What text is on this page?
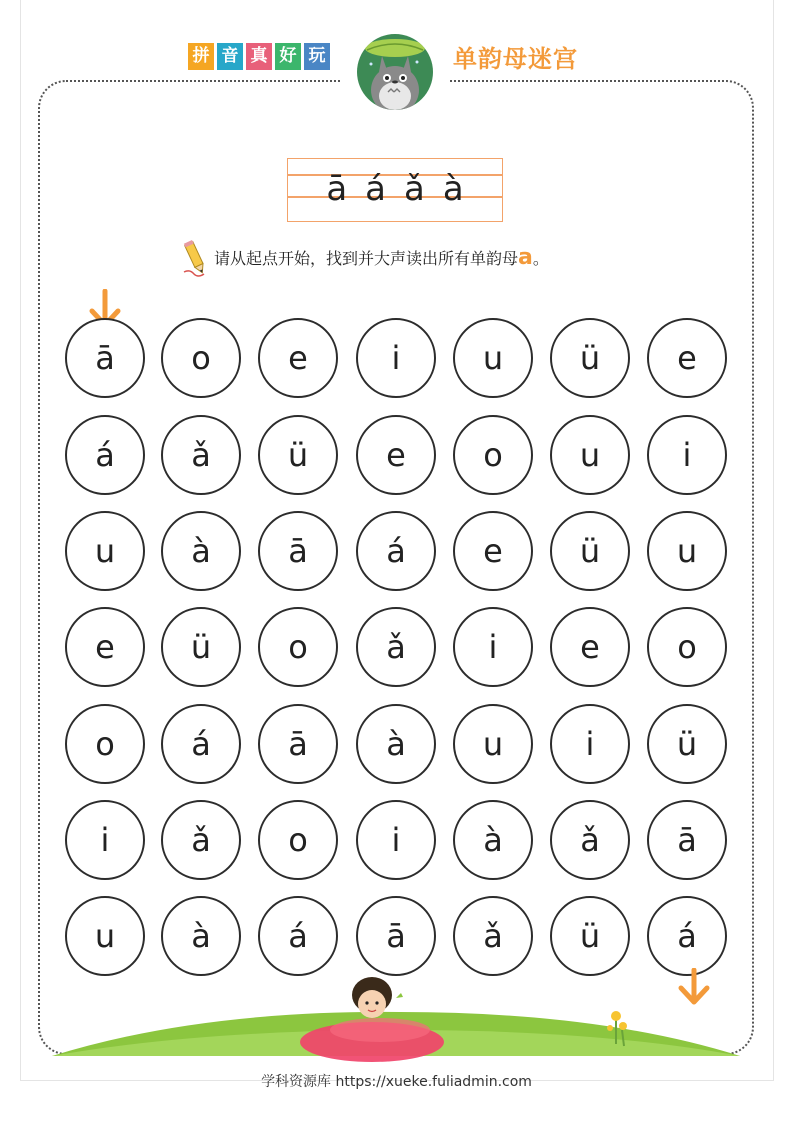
拼 音 真 好 玩	单韵母迷宫
ā á ǎ à
请从起点开始，找到并大声读出所有单韵母a。
ā	o	e	i	u	ü	e
á	ǎ	ü	e	o	u	i
u	à	ā	á	e	ü	u
e	ü	o	ǎ	i	e	o
o	á	ā	à	u	i	ü
i	ǎ	o	i	à	ǎ	ā
u	à	á	ā	ǎ	ü	á
学科资源库 https://xueke.fuliadmin.com
